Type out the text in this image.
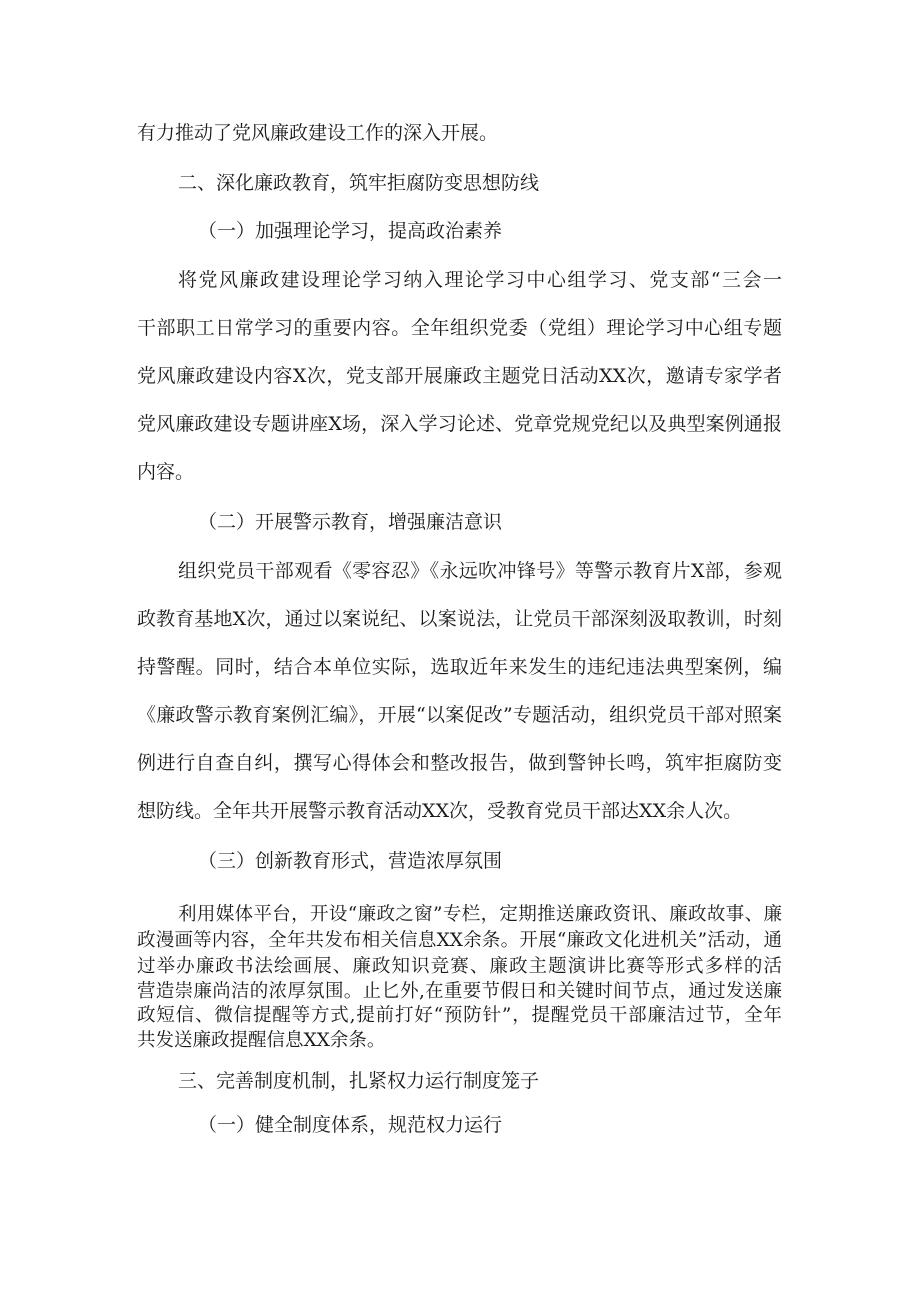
有力推动了党风廉政建设工作的深入开展。

二、深化廉政教育，筑牢拒腐防变思想防线

（一）加强理论学习，提高政治素养

将党风廉政建设理论学习纳入理论学习中心组学习、党支部“三会一

干部职工日常学习的重要内容。全年组织党委（党组）理论学习中心组专题

党风廉政建设内容X次，党支部开展廉政主题党日活动XX次，邀请专家学者

党风廉政建设专题讲座X场，深入学习论述、党章党规党纪以及典型案例通报

内容。

（二）开展警示教育，增强廉洁意识

组织党员干部观看《零容忍》《永远吹冲锋号》等警示教育片X部，参观

政教育基地X次，通过以案说纪、以案说法，让党员干部深刻汲取教训，时刻

持警醒。同时，结合本单位实际，选取近年来发生的违纪违法典型案例，编

《廉政警示教育案例汇编》，开展“以案促改”专题活动，组织党员干部对照案

例进行自查自纠，撰写心得体会和整改报告，做到警钟长鸣，筑牢拒腐防变

想防线。全年共开展警示教育活动XX次，受教育党员干部达XX余人次。

（三）创新教育形式，营造浓厚氛围

利用媒体平台，开设“廉政之窗”专栏，定期推送廉政资讯、廉政故事、廉

政漫画等内容，全年共发布相关信息XX余条。开展“廉政文化进机关”活动，通

过举办廉政书法绘画展、廉政知识竞赛、廉政主题演讲比赛等形式多样的活

营造崇廉尚洁的浓厚氛围。止匕外,在重要节假日和关键时间节点，通过发送廉

政短信、微信提醒等方式,提前打好“预防针”，提醒党员干部廉洁过节，全年

共发送廉政提醒信息XX余条。

三、完善制度机制，扎紧权力运行制度笼子

（一）健全制度体系，规范权力运行
